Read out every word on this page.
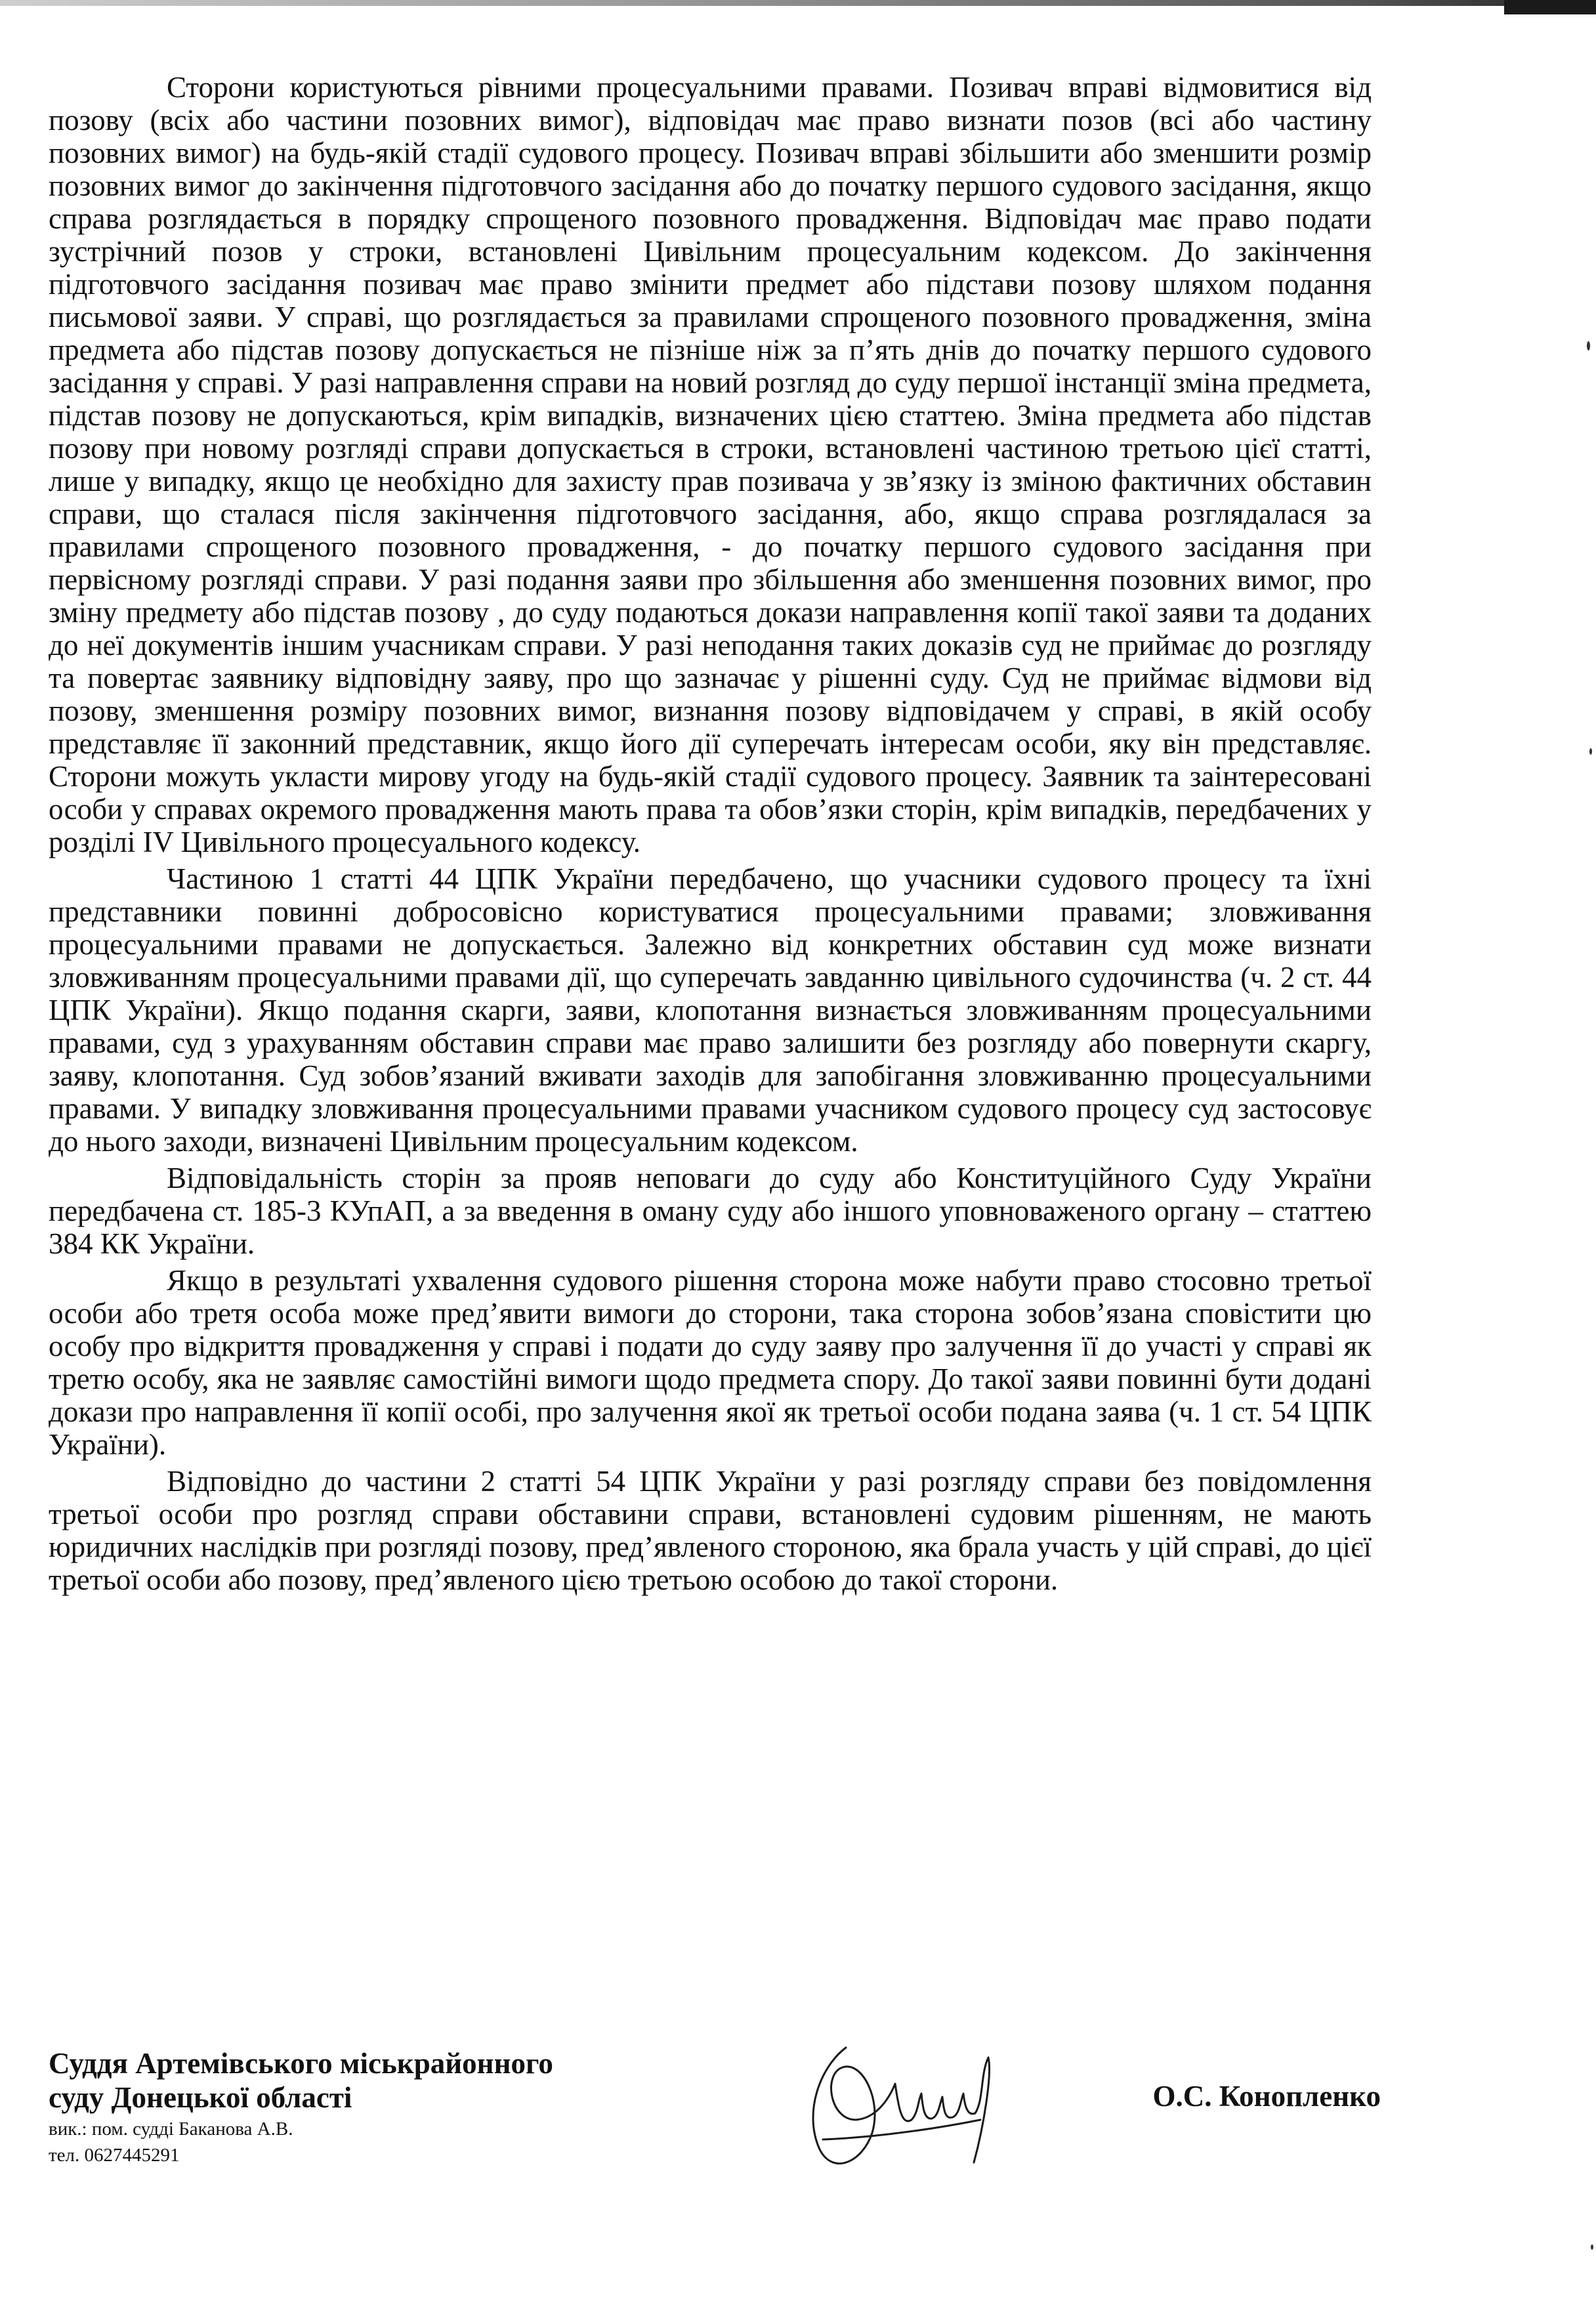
Сторони користуються рівними процесуальними правами. Позивач вправі відмовитися від позову (всіх або частини позовних вимог), відповідач має право визнати позов (всі або частину позовних вимог) на будь-якій стадії судового процесу. Позивач вправі збільшити або зменшити розмір позовних вимог до закінчення підготовчого засідання або до початку першого судового засідання, якщо справа розглядається в порядку спрощеного позовного провадження. Відповідач має право подати зустрічний позов у строки, встановлені Цивільним процесуальним кодексом. До закінчення підготовчого засідання позивач має право змінити предмет або підстави позову шляхом подання письмової заяви. У справі, що розглядається за правилами спрощеного позовного провадження, зміна предмета або підстав позову допускається не пізніше ніж за п’ять днів до початку першого судового засідання у справі. У разі направлення справи на новий розгляд до суду першої інстанції зміна предмета, підстав позову не допускаються, крім випадків, визначених цією статтею. Зміна предмета або підстав позову при новому розгляді справи допускається в строки, встановлені частиною третьою цієї статті, лише у випадку, якщо це необхідно для захисту прав позивача у зв’язку із зміною фактичних обставин справи, що сталася після закінчення підготовчого засідання, або, якщо справа розглядалася за правилами спрощеного позовного провадження, - до початку першого судового засідання при первісному розгляді справи. У разі подання заяви про збільшення або зменшення позовних вимог, про зміну предмету або підстав позову , до суду подаються докази направлення копії такої заяви та доданих до неї документів іншим учасникам справи. У разі неподання таких доказів суд не приймає до розгляду та повертає заявнику відповідну заяву, про що зазначає у рішенні суду. Суд не приймає відмови від позову, зменшення розміру позовних вимог, визнання позову відповідачем у справі, в якій особу представляє її законний представник, якщо його дії суперечать інтересам особи, яку він представляє. Сторони можуть укласти мирову угоду на будь-якій стадії судового процесу. Заявник та заінтересовані особи у справах окремого провадження мають права та обов’язки сторін, крім випадків, передбачених у розділі IV Цивільного процесуального кодексу.

Частиною 1 статті 44 ЦПК України передбачено, що учасники судового процесу та їхні представники повинні добросовісно користуватися процесуальними правами; зловживання процесуальними правами не допускається. Залежно від конкретних обставин суд може визнати зловживанням процесуальними правами дії, що суперечать завданню цивільного судочинства (ч. 2 ст. 44 ЦПК України). Якщо подання скарги, заяви, клопотання визнається зловживанням процесуальними правами, суд з урахуванням обставин справи має право залишити без розгляду або повернути скаргу, заяву, клопотання. Суд зобов’язаний вживати заходів для запобігання зловживанню процесуальними правами. У випадку зловживання процесуальними правами учасником судового процесу суд застосовує до нього заходи, визначені Цивільним процесуальним кодексом.

Відповідальність сторін за прояв неповаги до суду або Конституційного Суду України передбачена ст. 185-3 КУпАП, а за введення в оману суду або іншого уповноваженого органу – статтею 384 КК України.

Якщо в результаті ухвалення судового рішення сторона може набути право стосовно третьої особи або третя особа може пред’явити вимоги до сторони, така сторона зобов’язана сповістити цю особу про відкриття провадження у справі і подати до суду заяву про залучення її до участі у справі як третю особу, яка не заявляє самостійні вимоги щодо предмета спору. До такої заяви повинні бути додані докази про направлення її копії особі, про залучення якої як третьої особи подана заява (ч. 1 ст. 54 ЦПК України).

Відповідно до частини 2 статті 54 ЦПК України у разі розгляду справи без повідомлення третьої особи про розгляд справи обставини справи, встановлені судовим рішенням, не мають юридичних наслідків при розгляді позову, пред’явленого стороною, яка брала участь у цій справі, до цієї третьої особи або позову, пред’явленого цією третьою особою до такої сторони.

Суддя Артемівського міськрайонного
суду Донецької області
вик.: пом. судді Баканова А.В.
тел. 0627445291
О.С. Конопленко
